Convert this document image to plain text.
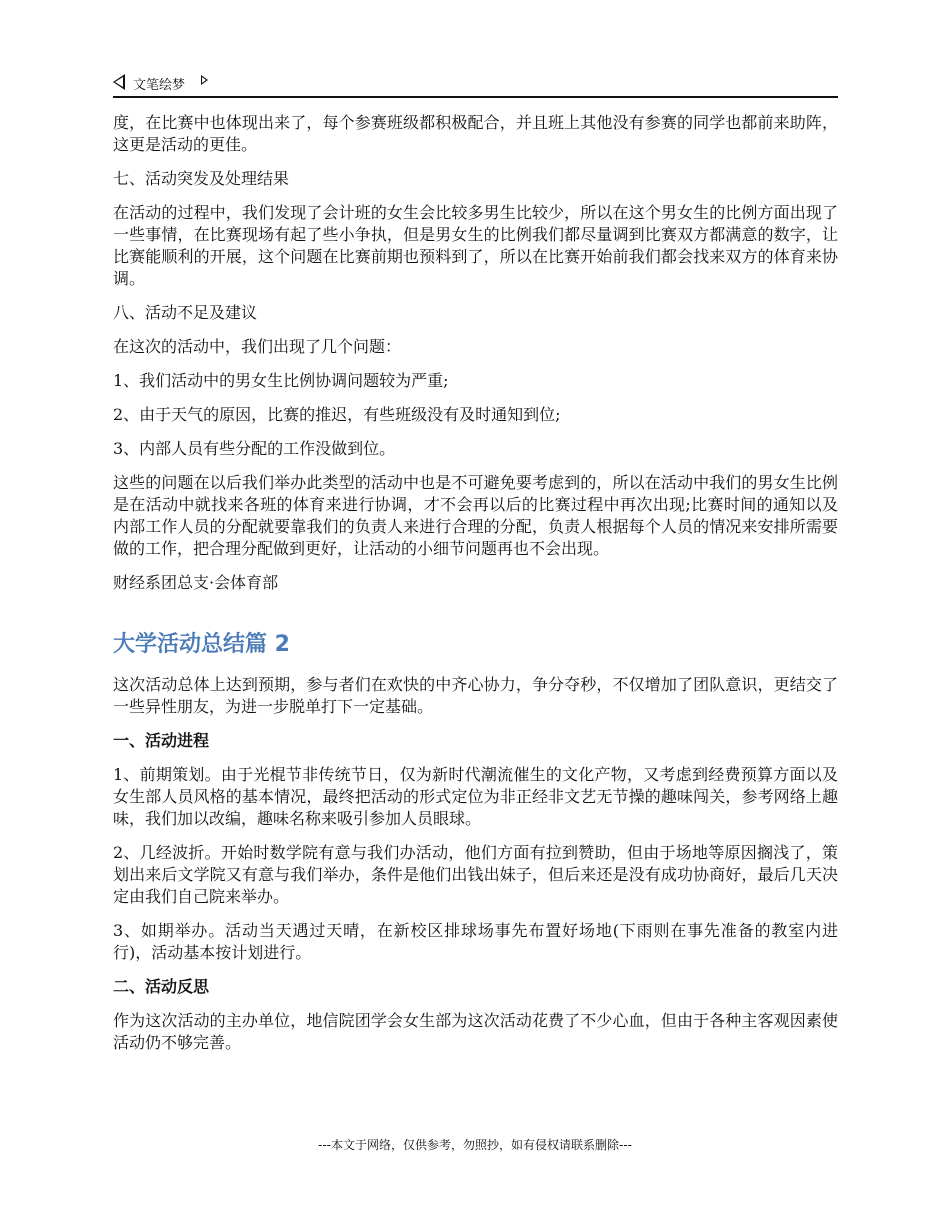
文笔绘梦

度，在比赛中也体现出来了，每个参赛班级都积极配合，并且班上其他没有参赛的同学也都前来助阵，这更是活动的更佳。

七、活动突发及处理结果

在活动的过程中，我们发现了会计班的女生会比较多男生比较少，所以在这个男女生的比例方面出现了一些事情，在比赛现场有起了些小争执，但是男女生的比例我们都尽量调到比赛双方都满意的数字，让比赛能顺利的开展，这个问题在比赛前期也预料到了，所以在比赛开始前我们都会找来双方的体育来协调。

八、活动不足及建议

在这次的活动中，我们出现了几个问题：

1、我们活动中的男女生比例协调问题较为严重;

2、由于天气的原因，比赛的推迟，有些班级没有及时通知到位;

3、内部人员有些分配的工作没做到位。

这些的问题在以后我们举办此类型的活动中也是不可避免要考虑到的，所以在活动中我们的男女生比例是在活动中就找来各班的体育来进行协调，才不会再以后的比赛过程中再次出现;比赛时间的通知以及内部工作人员的分配就要靠我们的负责人来进行合理的分配，负责人根据每个人员的情况来安排所需要做的工作，把合理分配做到更好，让活动的小细节问题再也不会出现。

财经系团总支·会体育部

大学活动总结篇 2

这次活动总体上达到预期，参与者们在欢快的中齐心协力，争分夺秒，不仅增加了团队意识，更结交了一些异性朋友，为进一步脱单打下一定基础。

一、活动进程

1、前期策划。由于光棍节非传统节日，仅为新时代潮流催生的文化产物，又考虑到经费预算方面以及女生部人员风格的基本情况，最终把活动的形式定位为非正经非文艺无节操的趣味闯关，参考网络上趣味，我们加以改编，趣味名称来吸引参加人员眼球。

2、几经波折。开始时数学院有意与我们办活动，他们方面有拉到赞助，但由于场地等原因搁浅了，策划出来后文学院又有意与我们举办，条件是他们出钱出妹子，但后来还是没有成功协商好，最后几天决定由我们自己院来举办。

3、如期举办。活动当天遇过天晴，在新校区排球场事先布置好场地(下雨则在事先准备的教室内进行)，活动基本按计划进行。

二、活动反思

作为这次活动的主办单位，地信院团学会女生部为这次活动花费了不少心血，但由于各种主客观因素使活动仍不够完善。

---本文于网络，仅供参考，勿照抄，如有侵权请联系删除---
